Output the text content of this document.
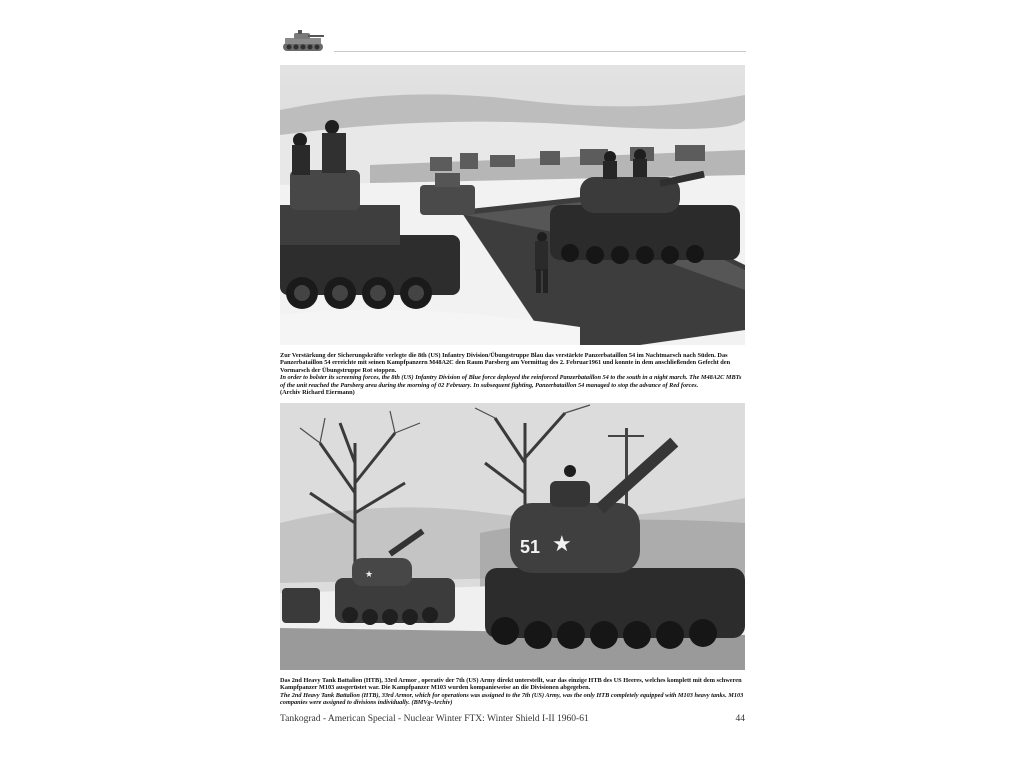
Zur Verstärkung der Sicherungskräfte verlegte die 8th (US) Infantry Division/Übungstruppe Blau das verstärkte Panzerbataillon 54 im Nachtmarsch nach Süden. Das Panzerbataillon 54 erreichte mit seinen Kampfpanzern M48A2C den Raum Parsberg am Vormittag des 2. Februar1961 und konnte in dem anschließenden Gefecht den Vormarsch der Übungstruppe Rot stoppen.
In order to bolster its screening forces, the 8th (US) Infantry Division of Blue force deployed the reinforced Panzerbataillon 54 to the south in a night march. The M48A2C MBTs of the unit reached the Parsberg area during the morning of 02 February. In subsequent fighting, Panzerbataillon 54 managed to stop the advance of Red forces.
(Archiv Richard Eiermann)
★
51 ★
Das 2nd Heavy Tank Battalion (HTB), 33rd Armor , operativ der 7th (US) Army direkt unterstellt, war das einzige HTB des US Heeres, welches komplett mit dem schweren Kampfpanzer M103 ausgerüstet war. Die Kampfpanzer M103 wurden kompanieweise an die Divisionen abgegeben.
The 2nd Heavy Tank Battalion (HTB), 33rd Armor, which for operations was assigned to the 7th (US) Army, was the only HTB completely equipped with M103 heavy tanks. M103 companies were assigned to divisions individually. (BMVg-Archiv)
Tankograd - American Special - Nuclear Winter FTX: Winter Shield I-II 1960-61	44
